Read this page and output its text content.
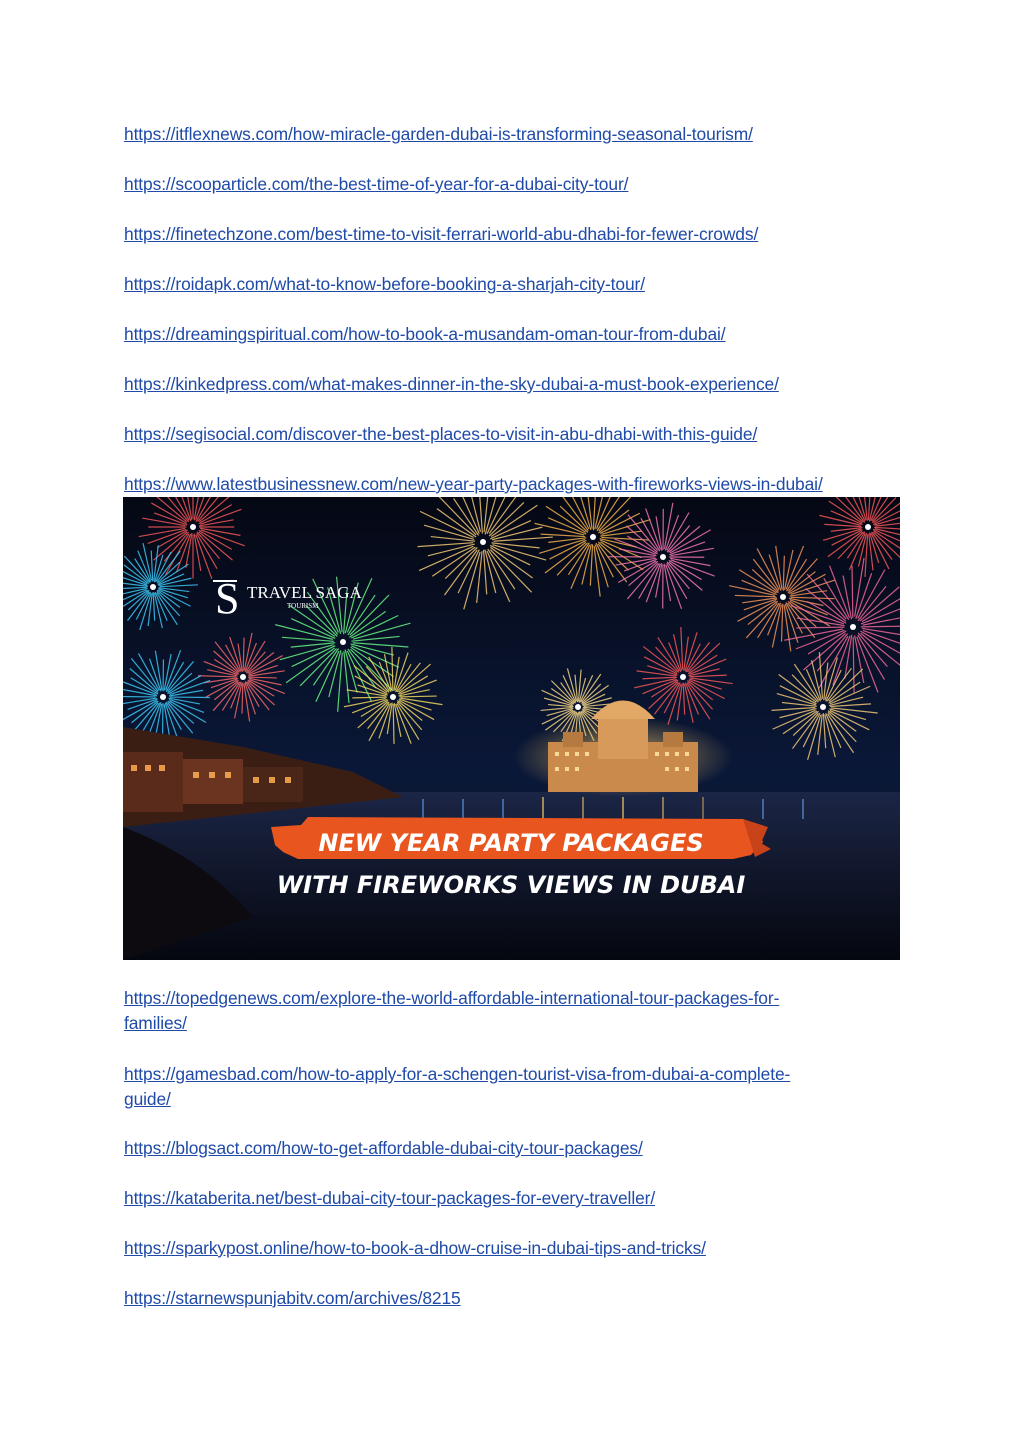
https://itflexnews.com/how-miracle-garden-dubai-is-transforming-seasonal-tourism/
https://scooparticle.com/the-best-time-of-year-for-a-dubai-city-tour/
https://finetechzone.com/best-time-to-visit-ferrari-world-abu-dhabi-for-fewer-crowds/
https://roidapk.com/what-to-know-before-booking-a-sharjah-city-tour/
https://dreamingspiritual.com/how-to-book-a-musandam-oman-tour-from-dubai/
https://kinkedpress.com/what-makes-dinner-in-the-sky-dubai-a-must-book-experience/
https://segisocial.com/discover-the-best-places-to-visit-in-abu-dhabi-with-this-guide/
https://www.latestbusinessnew.com/new-year-party-packages-with-fireworks-views-in-dubai/
S TRAVEL SAGA
TOURISM
NEW YEAR PARTY PACKAGES
WITH FIREWORKS VIEWS IN DUBAI
https://topedgenews.com/explore-the-world-affordable-international-tour-packages-for-
families/
https://gamesbad.com/how-to-apply-for-a-schengen-tourist-visa-from-dubai-a-complete-
guide/
https://blogsact.com/how-to-get-affordable-dubai-city-tour-packages/
https://kataberita.net/best-dubai-city-tour-packages-for-every-traveller/
https://sparkypost.online/how-to-book-a-dhow-cruise-in-dubai-tips-and-tricks/
https://starnewspunjabitv.com/archives/8215
